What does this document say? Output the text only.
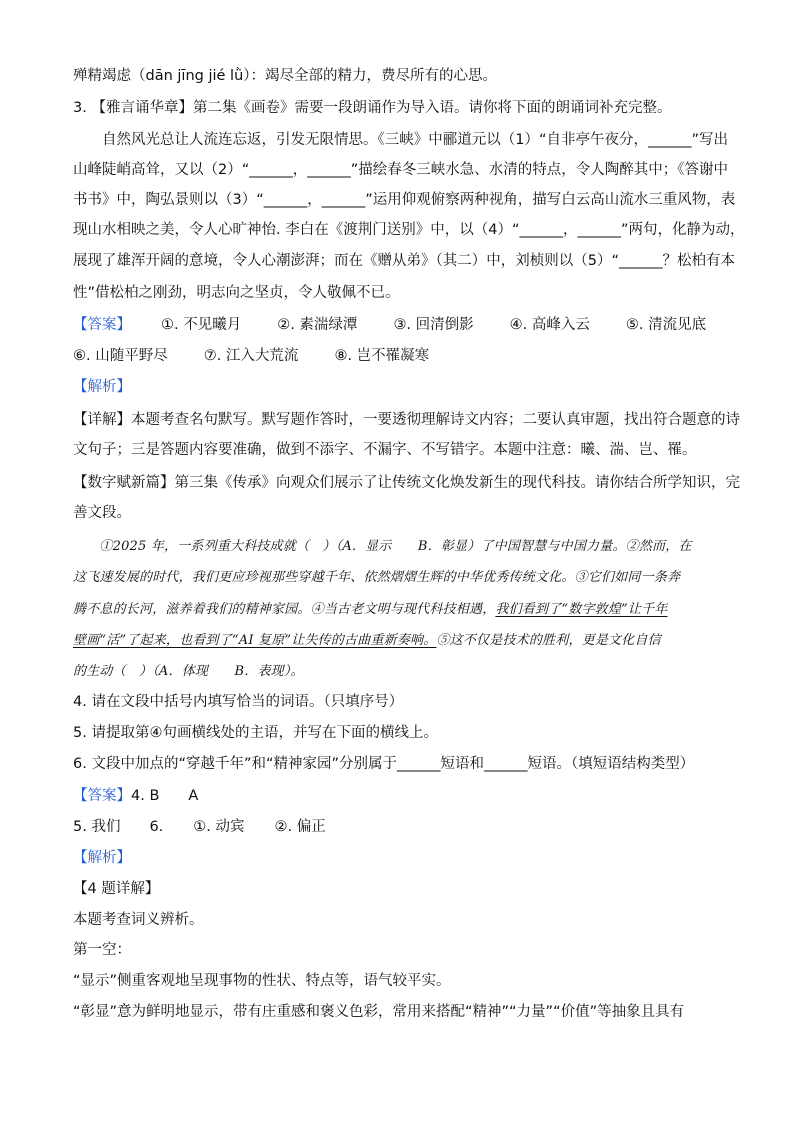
殚精竭虑（dān jīng jié lǜ）：竭尽全部的精力，费尽所有的心思。
3. 【雅言诵华章】第二集《画卷》需要一段朗诵作为导入语。请你将下面的朗诵词补充完整。
　　自然风光总让人流连忘返，引发无限情思。《三峡》中郦道元以（1）“自非亭午夜分，______”写出
山峰陡峭高耸，又以（2）“______，______”描绘春冬三峡水急、水清的特点，令人陶醉其中；《答谢中
书书》中，陶弘景则以（3）“______，______”运用仰观俯察两种视角，描写白云高山流水三重风物，表
现山水相映之美，令人心旷神怡. 李白在《渡荆门送别》中，以（4）“______，______”两句，化静为动，
展现了雄浑开阔的意境，令人心潮澎湃；而在《赠从弟》（其二）中，刘桢则以（5）“______？松柏有本
性”借松柏之刚劲，明志向之坚贞，令人敬佩不已。
【答案】 ①. 不见曦月 ②. 素湍绿潭 ③. 回清倒影 ④. 高峰入云 ⑤. 清流见底
⑥. 山随平野尽 ⑦. 江入大荒流 ⑧. 岂不罹凝寒
【解析】
【详解】本题考查名句默写。默写题作答时，一要透彻理解诗文内容；二要认真审题，找出符合题意的诗
文句子；三是答题内容要准确，做到不添字、不漏字、不写错字。本题中注意：曦、湍、岂、罹。
【数字赋新篇】第三集《传承》向观众们展示了让传统文化焕发新生的现代科技。请你结合所学知识，完
善文段。
　　①2025 年，一系列重大科技成就（　）（A．显示　　B．彰显）了中国智慧与中国力量。②然而，在
这飞速发展的时代，我们更应珍视那些穿越千年、依然熠熠生辉的中华优秀传统文化。③它们如同一条奔
腾不息的长河，滋养着我们的精神家园。④当古老文明与现代科技相遇，我们看到了“数字敦煌”让千年
壁画“活”了起来，也看到了“AI 复原”让失传的古曲重新奏响。⑤这不仅是技术的胜利，更是文化自信
的生动（　）（A．体现　　B．表现）。
4. 请在文段中括号内填写恰当的词语。（只填序号）
5. 请提取第④句画横线处的主语，并写在下面的横线上。
6. 文段中加点的“穿越千年”和“精神家园”分别属于______短语和______短语。（填短语结构类型）
【答案】4. B　　A
5. 我们　　6. ①. 动宾 ②. 偏正
【解析】
【4 题详解】
本题考查词义辨析。
第一空：
“显示”侧重客观地呈现事物的性状、特点等，语气较平实。
“彰显”意为鲜明地显示，带有庄重感和褒义色彩，常用来搭配“精神”“力量”“价值”等抽象且具有
